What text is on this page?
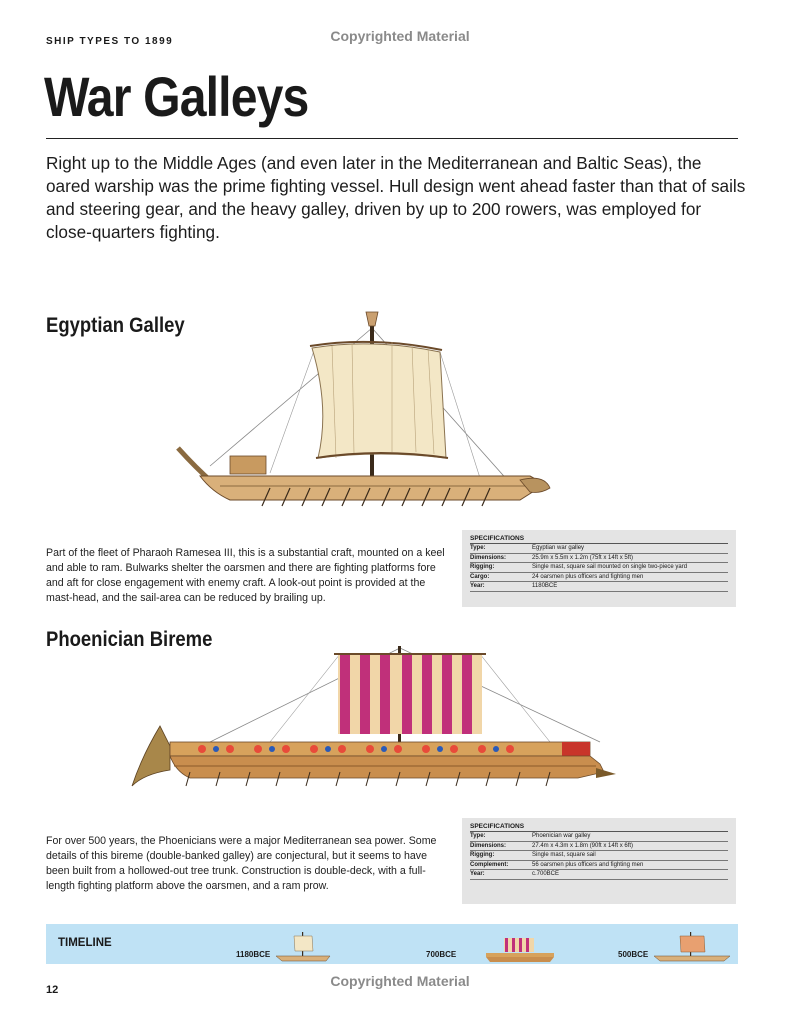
SHIP TYPES TO 1899	Copyrighted Material
War Galleys

Right up to the Middle Ages (and even later in the Mediterranean and Baltic Seas), the oared warship was the prime fighting vessel. Hull design went ahead faster than that of sails and steering gear, and the heavy galley, driven by up to 200 rowers, was employed for close-quarters fighting.

Egyptian Galley

Part of the fleet of Pharaoh Ramesea III, this is a substantial craft, mounted on a keel and able to ram. Bulwarks shelter the oarsmen and there are fighting platforms fore and aft for close engagement with enemy craft. A look-out point is provided at the mast-head, and the sail-area can be reduced by brailing up.

SPECIFICATIONS
Type:	Egyptian war galley
Dimensions:	25.9m x 5.5m x 1.2m (75ft x 14ft x 5ft)
Rigging:	Single mast, square sail mounted on single two-piece yard
Cargo:	24 oarsmen plus officers and fighting men
Year:	1180BCE
Phoenician Bireme

For over 500 years, the Phoenicians were a major Mediterranean sea power. Some details of this bireme (double-banked galley) are conjectural, but it seems to have been built from a hollowed-out tree trunk. Construction is double-deck, with a full-length fighting platform above the oarsmen, and a ram prow.

SPECIFICATIONS
Type:	Phoenician war galley
Dimensions:	27.4m x 4.3m x 1.8m (90ft x 14ft x 6ft)
Rigging:	Single mast, square sail
Complement:	56 oarsmen plus officers and fighting men
Year:	c.700BCE
TIMELINE
1180BCE	700BCE	500BCE
12
Copyrighted Material
